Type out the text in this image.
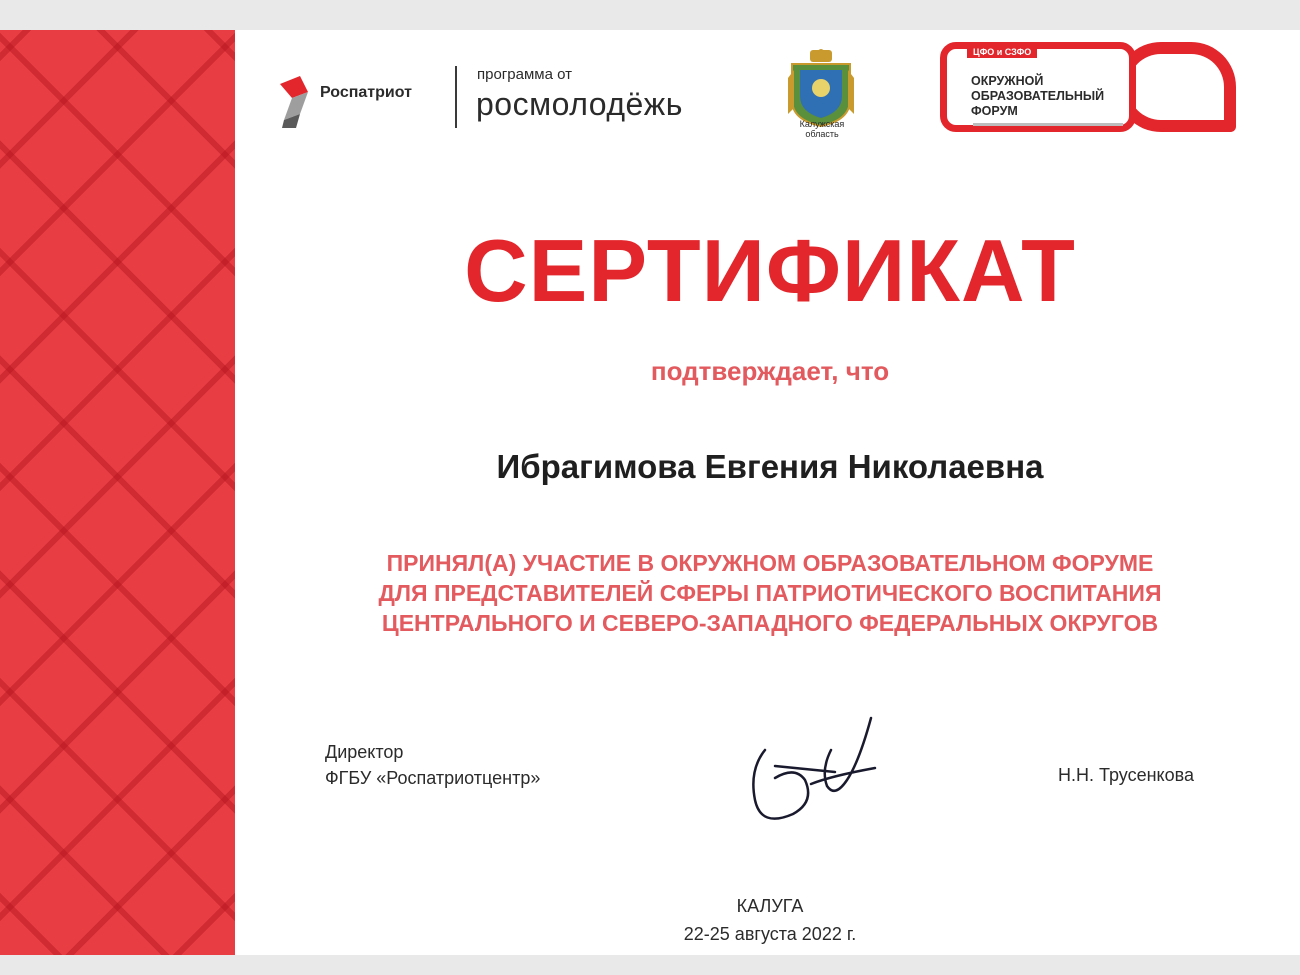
Роспатриот
программа от
росмолодёжь
Калужская
область
ЦФО и СЗФО
ОКРУЖНОЙ
ОБРАЗОВАТЕЛЬНЫЙ
ФОРУМ
СЕРТИФИКАТ
подтверждает, что
Ибрагимова Евгения Николаевна
ПРИНЯЛ(А) УЧАСТИЕ В ОКРУЖНОМ ОБРАЗОВАТЕЛЬНОМ ФОРУМЕ
ДЛЯ ПРЕДСТАВИТЕЛЕЙ СФЕРЫ ПАТРИОТИЧЕСКОГО ВОСПИТАНИЯ
ЦЕНТРАЛЬНОГО И СЕВЕРО-ЗАПАДНОГО ФЕДЕРАЛЬНЫХ ОКРУГОВ
Директор
ФГБУ «Роспатриотцентр»	Н.Н. Трусенкова
КАЛУГА
22-25 августа 2022 г.
